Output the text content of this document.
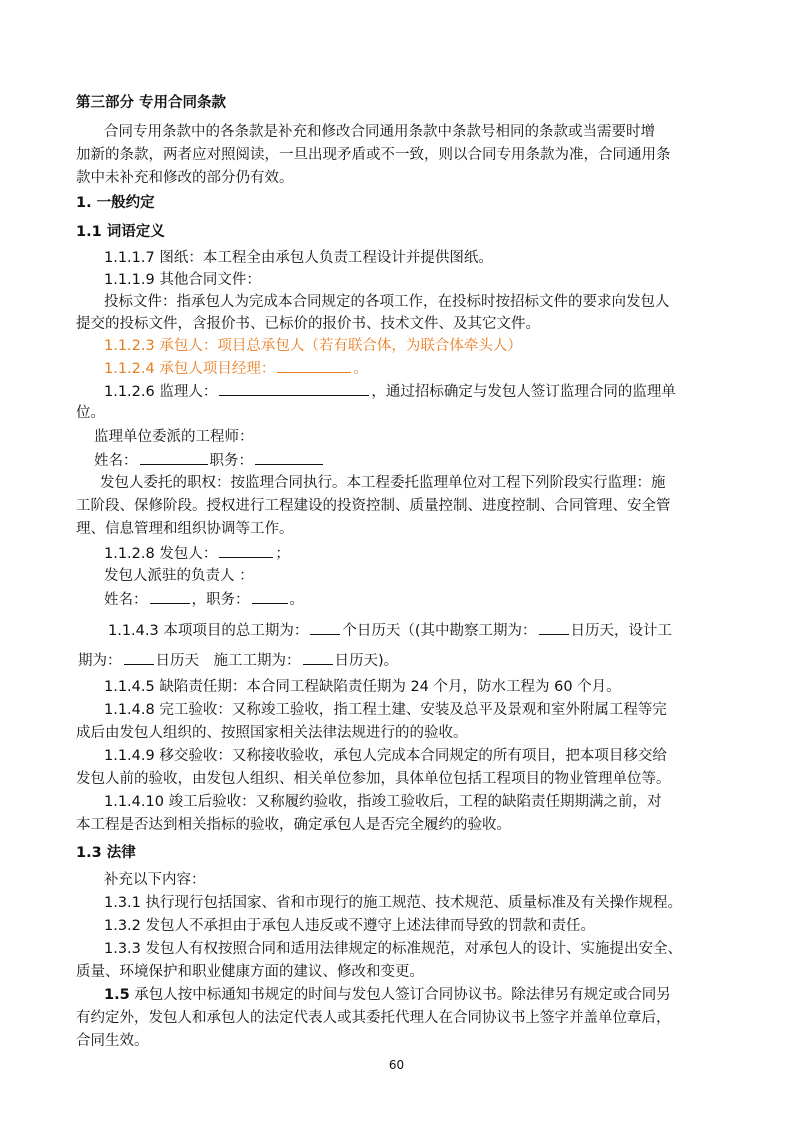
第三部分 专用合同条款
合同专用条款中的各条款是补充和修改合同通用条款中条款号相同的条款或当需要时增
加新的条款，两者应对照阅读，一旦出现矛盾或不一致，则以合同专用条款为准，合同通用条
款中未补充和修改的部分仍有效。
1. 一般约定
1.1 词语定义
1.1.1.7 图纸：本工程全由承包人负责工程设计并提供图纸。
1.1.1.9 其他合同文件：
投标文件：指承包人为完成本合同规定的各项工作，在投标时按招标文件的要求向发包人
提交的投标文件，含报价书、已标价的报价书、技术文件、及其它文件。
1.1.2.3 承包人：项目总承包人（若有联合体，为联合体牵头人）
1.1.2.4 承包人项目经理：	。
1.1.2.6 监理人：	，通过招标确定与发包人签订监理合同的监理单
位。
监理单位委派的工程师：
姓名：	职务：
发包人委托的职权：按监理合同执行。本工程委托监理单位对工程下列阶段实行监理：施
工阶段、保修阶段。授权进行工程建设的投资控制、质量控制、进度控制、合同管理、安全管
理、信息管理和组织协调等工作。
1.1.2.8 发包人：	；
发包人派驻的负责人 ：
姓名：	，职务：	。
1.1.4.3 本项项目的总工期为： 个日历天（(其中勘察工期为： 日历天，设计工
期为： 日历天　施工工期为： 日历天)。
1.1.4.5 缺陷责任期：本合同工程缺陷责任期为 24 个月，防水工程为 60 个月。
1.1.4.8 完工验收：又称竣工验收，指工程土建、安装及总平及景观和室外附属工程等完
成后由发包人组织的、按照国家相关法律法规进行的的验收。
1.1.4.9 移交验收：又称接收验收，承包人完成本合同规定的所有项目，把本项目移交给
发包人前的验收，由发包人组织、相关单位参加，具体单位包括工程项目的物业管理单位等。
1.1.4.10 竣工后验收：又称履约验收，指竣工验收后，工程的缺陷责任期期满之前，对
本工程是否达到相关指标的验收，确定承包人是否完全履约的验收。
1.3 法律
补充以下内容：
1.3.1 执行现行包括国家、省和市现行的施工规范、技术规范、质量标准及有关操作规程。
1.3.2 发包人不承担由于承包人违反或不遵守上述法律而导致的罚款和责任。
1.3.3 发包人有权按照合同和适用法律规定的标准规范，对承包人的设计、实施提出安全、
质量、环境保护和职业健康方面的建议、修改和变更。
1.5 承包人按中标通知书规定的时间与发包人签订合同协议书。除法律另有规定或合同另
有约定外，发包人和承包人的法定代表人或其委托代理人在合同协议书上签字并盖单位章后，
60
合同生效。
